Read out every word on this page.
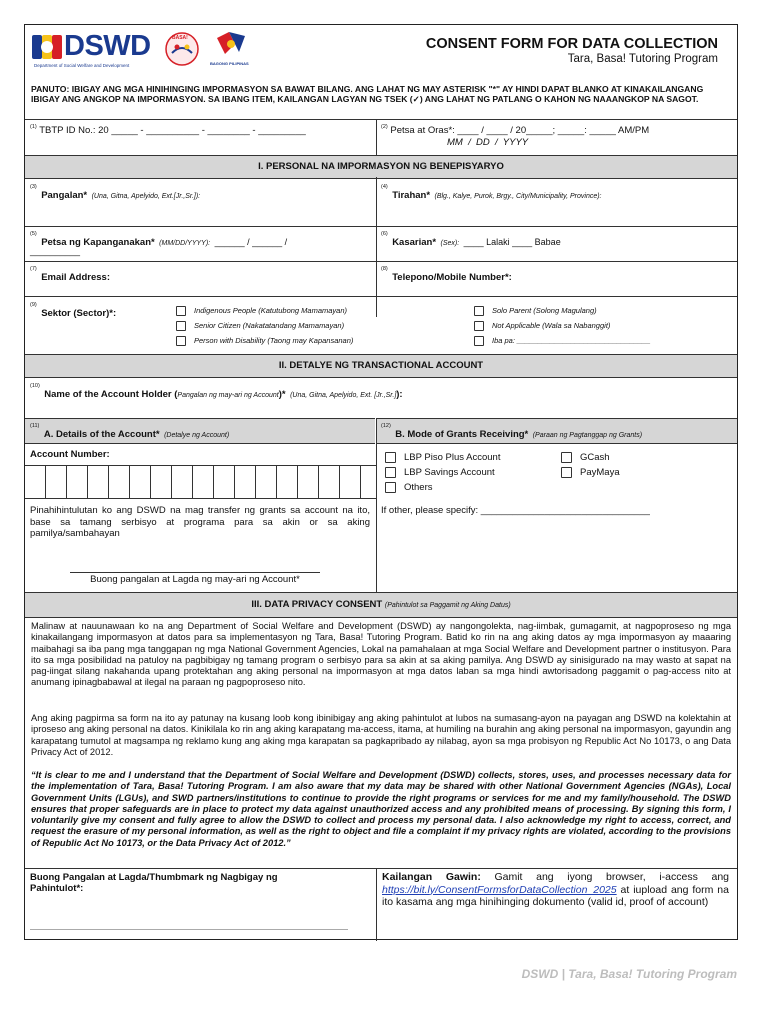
DSWD
Department of Social Welfare and Development
BASA!
BAGONG PILIPINAS
CONSENT FORM FOR DATA COLLECTION
Tara, Basa! Tutoring Program
PANUTO: IBIGAY ANG MGA HINIHINGING IMPORMASYON SA BAWAT BILANG. ANG LAHAT NG MAY ASTERISK "*" AY HINDI DAPAT BLANKO AT KINAKAILANGANG IBIGAY ANG ANGKOP NA IMPORMASYON. SA IBANG ITEM, KAILANGAN LAGYAN NG TSEK (✓) ANG LAHAT NG PATLANG O KAHON NG NAAANGKOP NA SAGOT.
$^{(1)}$ TBTP ID No.: 20 _____ - __________ - ________ - _________	$^{(2)}$ Petsa at Oras*: ____ / ____ / 20_____; _____: _____ AM/PM
MM  /  DD  /  YYYY
I. PERSONAL NA IMPORMASYON NG BENEPISYARYO
$^{(3)}$ Pangalan* (Una, Gitna, Apelyido, Ext.[Jr.,Sr.]):
$^{(4)}$ Tirahan* (Blg., Kalye, Purok, Brgy., City/Municipality, Province):
$^{(5)}$ Petsa ng Kapanganakan* (MM/DD/YYYY): ______ / ______ /
__________
$^{(6)}$ Kasarian* (Sex): ____ Lalaki ____ Babae
$^{(7)}$ Email Address:
$^{(8)}$ Telepono/Mobile Number*:
$^{(9)}$ Sektor (Sector)*:	Indigenous People (Katutubong Mamamayan)
Senior Citizen (Nakatatandang Mamamayan)
Person with Disability (Taong may Kapansanan)
Solo Parent (Solong Magulang)
Not Applicable (Wala sa Nabanggit)
Iba pa: ________________________________
II. DETALYE NG TRANSACTIONAL ACCOUNT
$^{(10)}$ Name of the Account Holder (Pangalan ng may-ari ng Account)* (Una, Gitna, Apelyido, Ext. [Jr.,Sr.]):
$^{(11)}$ A. Details of the Account* (Detalye ng Account)
$^{(12)}$ B. Mode of Grants Receiving* (Paraan ng Pagtanggap ng Grants)
Account Number:
Pinahihintulutan ko ang DSWD na mag transfer ng grants sa account na ito, base sa tamang serbisyo at programa para sa akin or sa aking pamilya/sambahayan
Buong pangalan at Lagda ng may-ari ng Account*
LBP Piso Plus Account
LBP Savings Account
Others
GCash
PayMaya
If other, please specify: ________________________________
III. DATA PRIVACY CONSENT (Pahintulot sa Paggamit ng Aking Datus)
Malinaw at nauunawaan ko na ang Department of Social Welfare and Development (DSWD) ay nangongolekta, nag-iimbak, gumagamit, at nagpoproseso ng mga kinakailangang impormasyon at datos para sa implementasyon ng Tara, Basa! Tutoring Program. Batid ko rin na ang aking datos ay mga impormasyon ay maaaring maibahagi sa iba pang mga tanggapan ng mga National Government Agencies, Lokal na pamahalaan at mga Social Welfare and Development partner o institusyon. Para ito sa mga posibilidad na patuloy na pagbibigay ng tamang program o serbisyo para sa akin at sa aking pamilya. Ang DSWD ay sinisigurado na may wasto at sapat na pag-iingat silang nakahanda upang protektahan ang aking personal na impormasyon at mga datos laban sa mga hindi awtorisadong paggamit o pag-access nito at anumang ipinagbabawal at ilegal na paraan ng pagpoproseso nito.
Ang aking pagpirma sa form na ito ay patunay na kusang loob kong ibinibigay ang aking pahintulot at lubos na sumasang-ayon na payagan ang DSWD na kolektahin at iproseso ang aking personal na datos. Kinikilala ko rin ang aking karapatang ma-access, itama, at humiling na burahin ang aking personal na impormasyon, gayundin ang karapatang tumutol at magsampa ng reklamo kung ang aking mga karapatan sa pagkapribado ay nilabag, ayon sa mga probisyon ng Republic Act No 10173, o ang Data Privacy Act of 2012.
“It is clear to me and I understand that the Department of Social Welfare and Development (DSWD) collects, stores, uses, and processes necessary data for the implementation of Tara, Basa! Tutoring Program. I am also aware that my data may be shared with other National Government Agencies (NGAs), Local Government Units (LGUs), and SWD partners/institutions to continue to provide the right programs or services for me and my family/household. The DSWD ensures that proper safeguards are in place to protect my data against unauthorized access and any prohibited means of processing. By signing this form, I voluntarily give my consent and fully agree to allow the DSWD to collect and process my personal data. I also acknowledge my right to access, correct, and request the erasure of my personal information, as well as the right to object and file a complaint if my privacy rights are violated, according to the provisions of Republic Act No 10173, or the Data Privacy Act of 2012.”
Buong Pangalan at Lagda/Thumbmark ng Nagbigay ng Pahintulot*:
Kailangan Gawin: Gamit ang iyong browser, i-access ang https://bit.ly/ConsentFormsforDataCollection_2025 at iupload ang form na ito kasama ang mga hinihinging dokumento (valid id, proof of account)
DSWD | Tara, Basa! Tutoring Program
